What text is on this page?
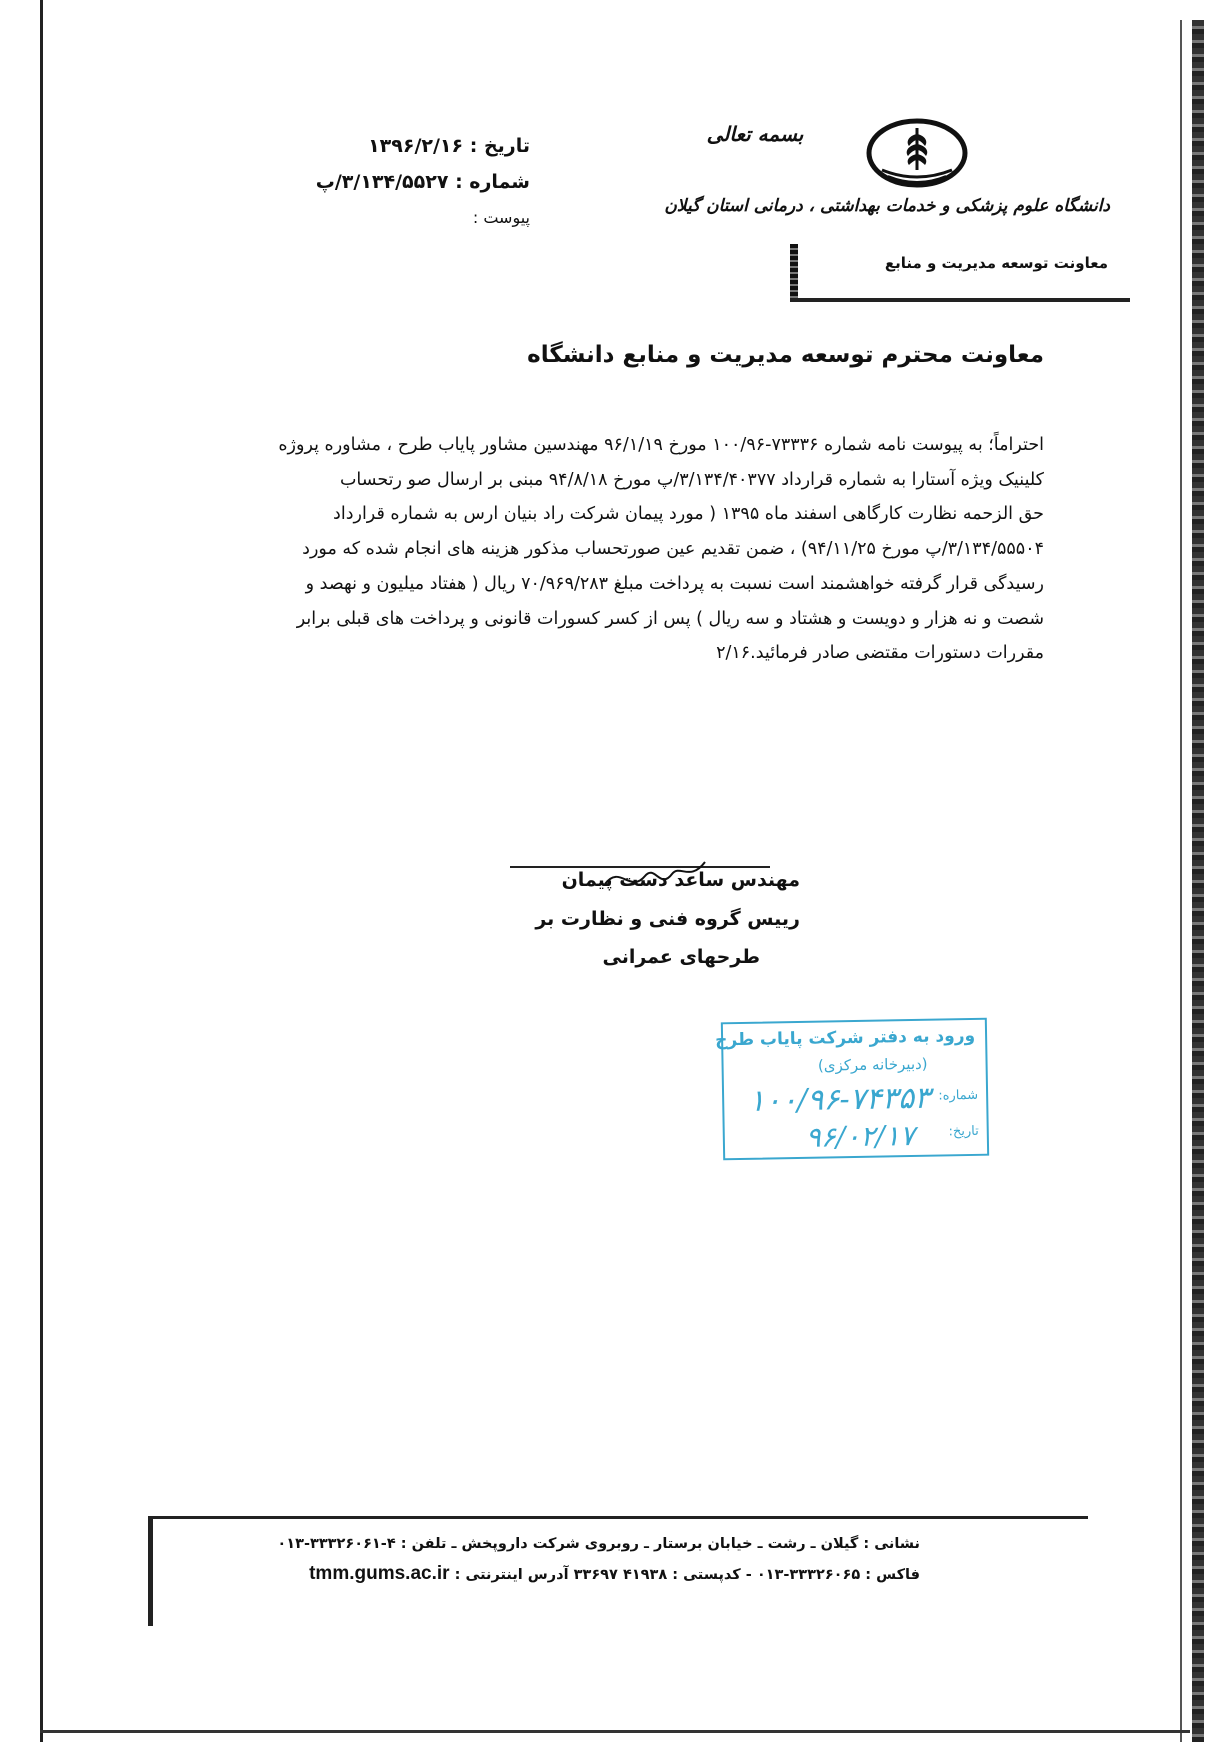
تاریخ : ۱۳۹۶/۲/۱۶
شماره : ۳/۱۳۴/۵۵۲۷/پ
پیوست :
بسمه تعالی
دانشگاه علوم پزشکی و خدمات بهداشتی ، درمانی استان گیلان
معاونت توسعه مدیریت و منابع
معاونت محترم توسعه مدیریت و منابع دانشگاه

احتراماً؛ به پیوست نامه شماره ۷۳۳۳۶-۱۰۰/۹۶ مورخ ۹۶/۱/۱۹ مهندسین مشاور پایاب طرح ، مشاوره پروژه

کلینیک ویژه آستارا به شماره قرارداد ۳/۱۳۴/۴۰۳۷۷/پ مورخ ۹۴/۸/۱۸ مبنی بر ارسال صو رتحساب

حق الزحمه نظارت کارگاهی اسفند ماه ۱۳۹۵ ( مورد پیمان شرکت راد بنیان ارس به شماره قرارداد

۳/۱۳۴/۵۵۵۰۴/پ مورخ ۹۴/۱۱/۲۵) ، ضمن تقدیم عین صورتحساب مذکور هزینه های انجام شده که مورد

رسیدگی قرار گرفته خواهشمند است نسبت به پرداخت مبلغ ۷۰/۹۶۹/۲۸۳ ریال ( هفتاد میلیون و نهصد و

شصت و نه هزار و دویست و هشتاد و سه ریال ) پس از کسر کسورات قانونی و پرداخت های قبلی برابر

مقررات دستورات مقتضی صادر فرمائید.۲/۱۶

مهندس ساعد دست پیمان
رییس گروه فنی و نظارت بر
طرحهای عمرانی
ورود به دفتر شرکت پایاب طرح
(دبیرخانه مرکزی)
شماره:
۱۰۰/۹۶-۷۴۳۵۳
تاریخ:
۹۶/۰۲/۱۷
نشانی : گیلان ـ رشت ـ خیابان برستار ـ روبروی شرکت داروپخش ـ تلفن : ۴-۳۳۳۲۶۰۶۱-۰۱۳
فاکس : ۳۳۳۲۶۰۶۵-۰۱۳ - کدپستی : ۴۱۹۳۸ ۳۳۶۹۷ آدرس اینترنتی : tmm.gums.ac.ir
